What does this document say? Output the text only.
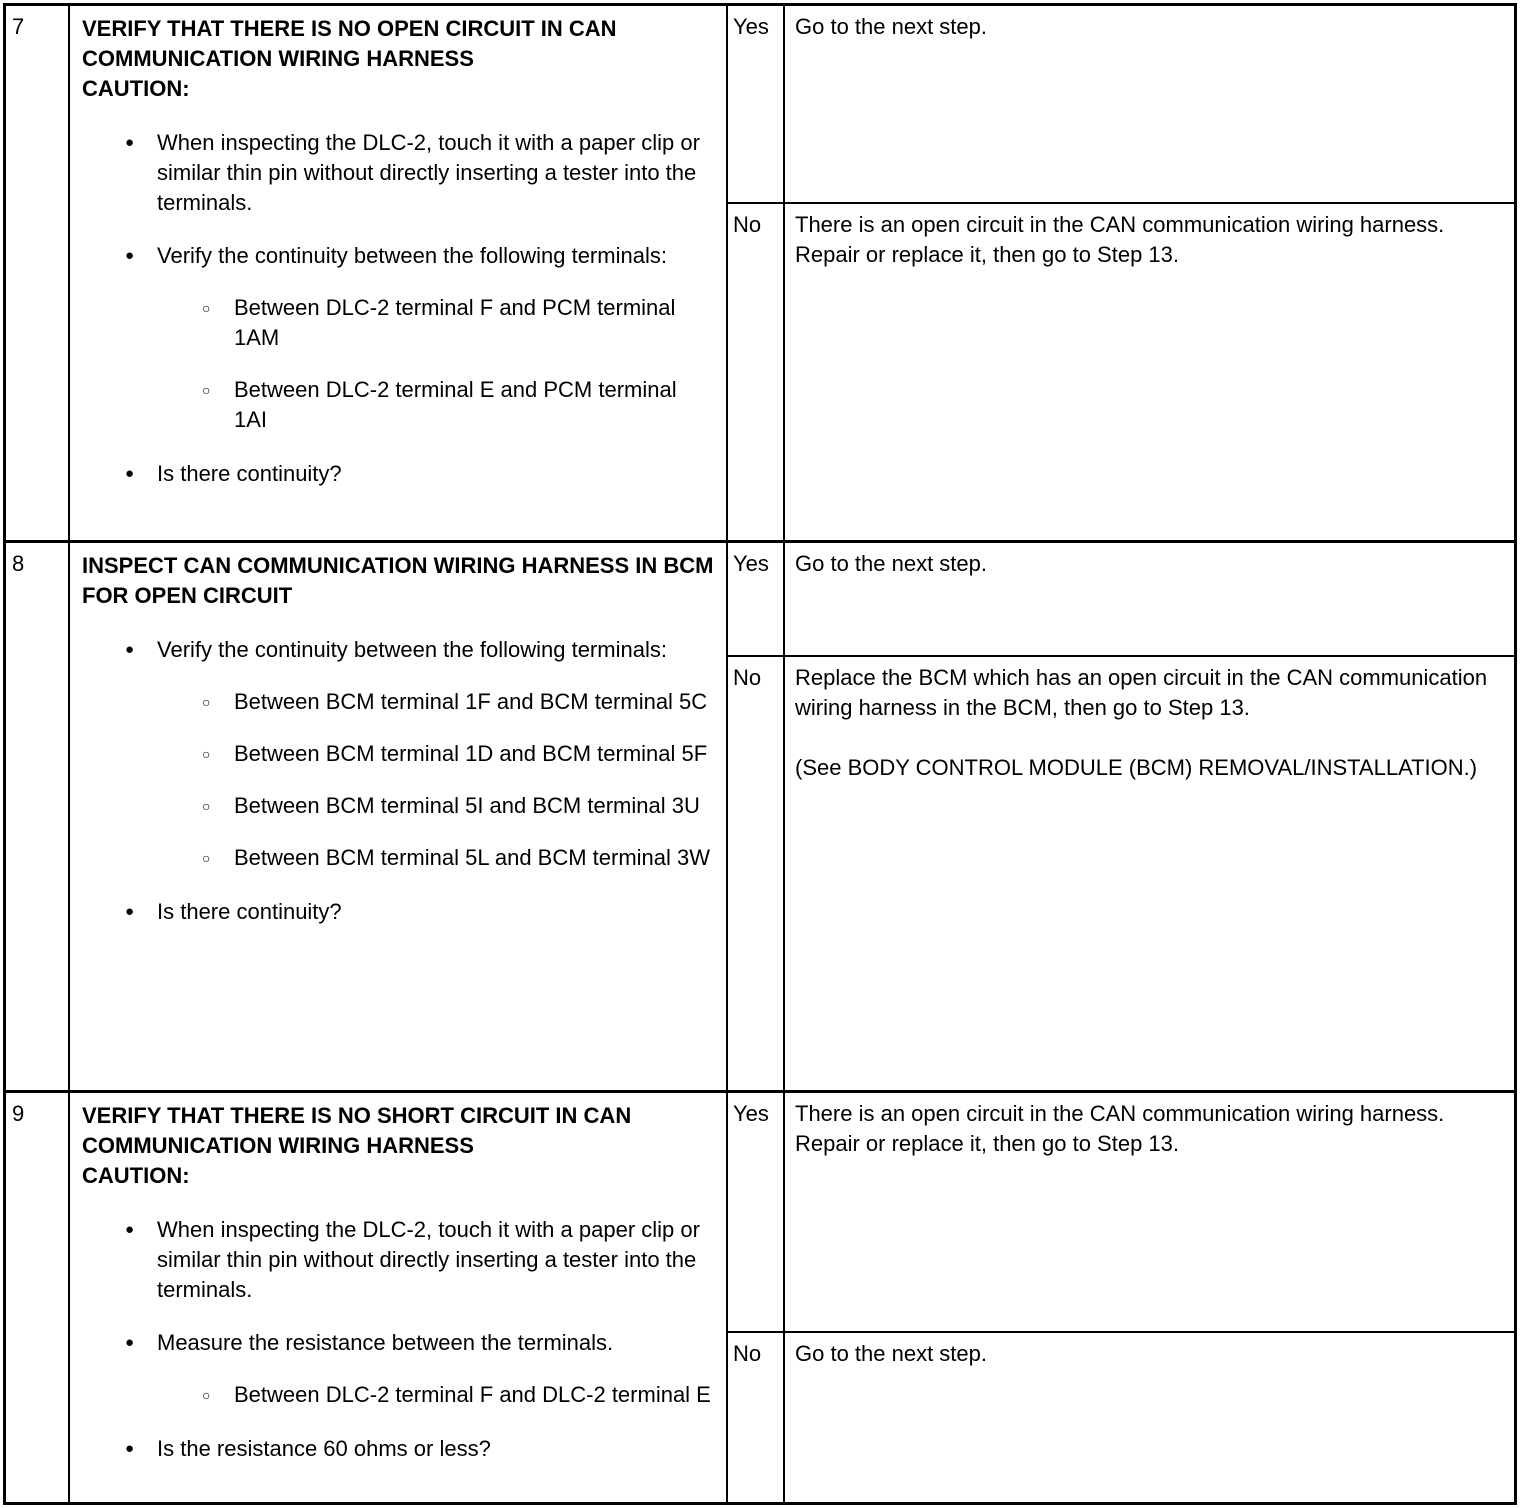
7	VERIFY THAT THERE IS NO OPEN CIRCUIT IN CAN COMMUNICATION WIRING HARNESS
CAUTION:
●	When inspecting the DLC-2, touch it with a paper clip or similar thin pin without directly inserting a tester into the terminals.
●	Verify the continuity between the following terminals:
○	Between DLC-2 terminal F and PCM terminal 1AM
○	Between DLC-2 terminal E and PCM terminal 1AI
●	Is there continuity?
Yes	Go to the next step.
No	There is an open circuit in the CAN communication wiring harness. Repair or replace it, then go to Step 13.
8	INSPECT CAN COMMUNICATION WIRING HARNESS IN BCM FOR OPEN CIRCUIT
●	Verify the continuity between the following terminals:
○	Between BCM terminal 1F and BCM terminal 5C
○	Between BCM terminal 1D and BCM terminal 5F
○	Between BCM terminal 5I and BCM terminal 3U
○	Between BCM terminal 5L and BCM terminal 3W
●	Is there continuity?
Yes	Go to the next step.
No	Replace the BCM which has an open circuit in the CAN communication wiring harness in the BCM, then go to Step 13.
(See BODY CONTROL MODULE (BCM) REMOVAL/INSTALLATION.)
9	VERIFY THAT THERE IS NO SHORT CIRCUIT IN CAN COMMUNICATION WIRING HARNESS
CAUTION:
●	When inspecting the DLC-2, touch it with a paper clip or similar thin pin without directly inserting a tester into the terminals.
●	Measure the resistance between the terminals.
○	Between DLC-2 terminal F and DLC-2 terminal E
●	Is the resistance 60 ohms or less?
Yes	There is an open circuit in the CAN communication wiring harness. Repair or replace it, then go to Step 13.
No	Go to the next step.
